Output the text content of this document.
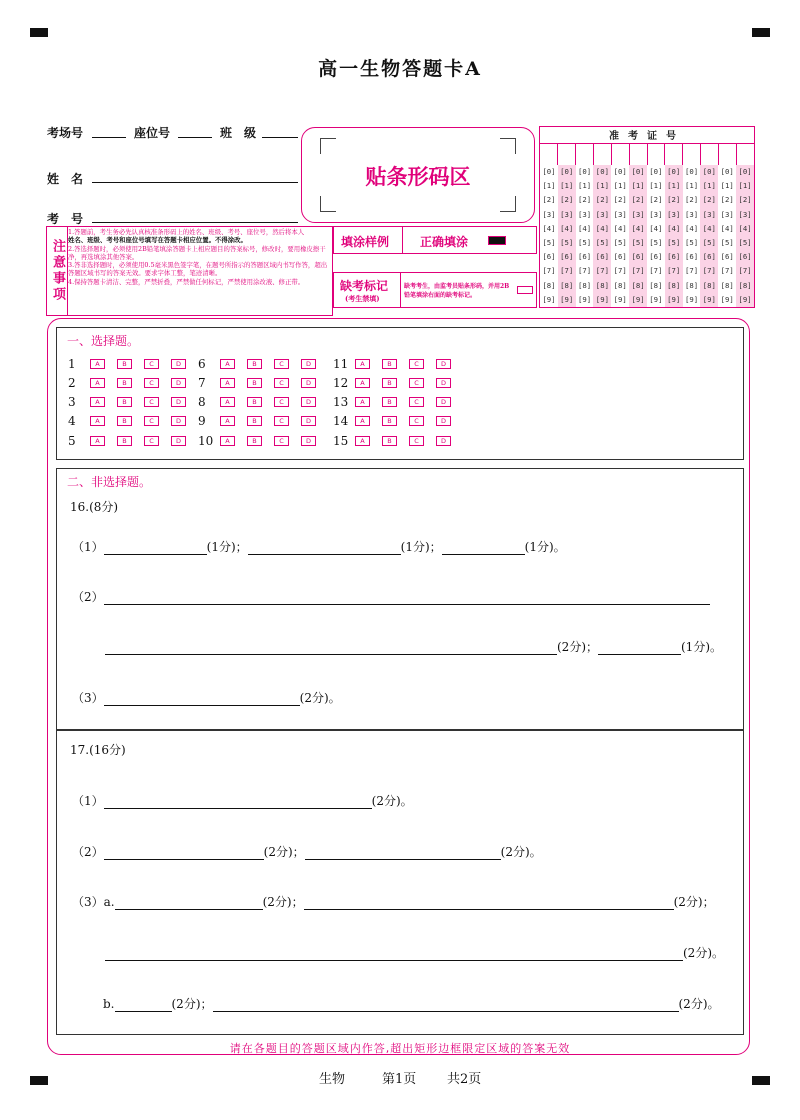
高一生物答题卡A
考场号	座位号	班　级
姓　名
考　号
贴条形码区
注意事项
1.答题前，考生务必先认真核准条形码上的姓名、班级、考号、座位号，然后将本人
姓名、班级、考号和座位号填写在答题卡相应位置。不得涂改。
2.答选择题时，必须使用2B铅笔填涂答题卡上相应题目的答案标号，修改时，要用橡皮擦干净，再选填涂其他答案。
3.答非选择题时，必须使用0.5毫米黑色签字笔，在题号所指示的答题区域内书写作答，超出答题区域书写的答案无效。要求字体工整，笔迹清晰。
4.保持答题卡清洁、完整，严禁折叠，严禁做任何标记，严禁使用涂改液、修正带。
填涂样例	正确填涂
缺考标记
(考生禁填)
缺考考生，由监考员贴条形码，并用2B铅笔填涂右面的缺考标记。
准考证号
[0] [0] [0] [0] [0] [0] [0] [0] [0] [0] [0] [0]
[1] [1] [1] [1] [1] [1] [1] [1] [1] [1] [1] [1]
[2] [2] [2] [2] [2] [2] [2] [2] [2] [2] [2] [2]
[3] [3] [3] [3] [3] [3] [3] [3] [3] [3] [3] [3]
[4] [4] [4] [4] [4] [4] [4] [4] [4] [4] [4] [4]
[5] [5] [5] [5] [5] [5] [5] [5] [5] [5] [5] [5]
[6] [6] [6] [6] [6] [6] [6] [6] [6] [6] [6] [6]
[7] [7] [7] [7] [7] [7] [7] [7] [7] [7] [7] [7]
[8] [8] [8] [8] [8] [8] [8] [8] [8] [8] [8] [8]
[9] [9] [9] [9] [9] [9] [9] [9] [9] [9] [9] [9]
一、选择题。
1	A	B	C	D
2	A	B	C	D
3	A	B	C	D
4	A	B	C	D
5	A	B	C	D
6	A	B	C	D
7	A	B	C	D
8	A	B	C	D
9	A	B	C	D
10	A	B	C	D
11	A	B	C	D
12	A	B	C	D
13	A	B	C	D
14	A	B	C	D
15	A	B	C	D
二、非选择题。
16.(8分)
（1）	(1分)；	(1分)；	(1分)。
（2）
(2分)；	(1分)。
（3）	(2分)。
17.(16分)
（1）	(2分)。
（2）	(2分)；	(2分)。
（3）a.	(2分)；	(2分)；
(2分)。
b.	(2分)；	(2分)。
请在各题目的答题区域内作答,超出矩形边框限定区域的答案无效
生物	第1页 共2页
